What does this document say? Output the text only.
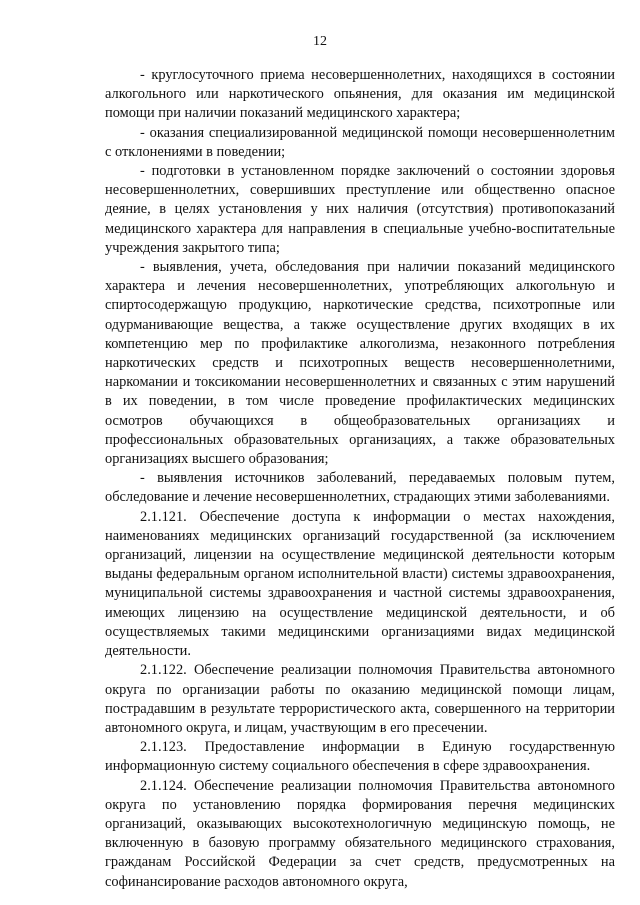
12

- круглосуточного приема несовершеннолетних, находящихся в состоянии алкогольного или наркотического опьянения, для оказания им медицинской помощи при наличии показаний медицинского характера;

- оказания специализированной медицинской помощи несовершеннолетним с отклонениями в поведении;

- подготовки в установленном порядке заключений о состоянии здоровья несовершеннолетних, совершивших преступление или общественно опасное деяние, в целях установления у них наличия (отсутствия) противопоказаний медицинского характера для направления в специальные учебно-воспитательные учреждения закрытого типа;

- выявления, учета, обследования при наличии показаний медицинского характера и лечения несовершеннолетних, употребляющих алкогольную и спиртосодержащую продукцию, наркотические средства, психотропные или одурманивающие вещества, а также осуществление других входящих в их компетенцию мер по профилактике алкоголизма, незаконного потребления наркотических средств и психотропных веществ несовершеннолетними, наркомании и токсикомании несовершеннолетних и связанных с этим нарушений в их поведении, в том числе проведение профилактических медицинских осмотров обучающихся в общеобразовательных организациях и профессиональных образовательных организациях, а также образовательных организациях высшего образования;

- выявления источников заболеваний, передаваемых половым путем, обследование и лечение несовершеннолетних, страдающих этими заболеваниями.

2.1.121. Обеспечение доступа к информации о местах нахождения, наименованиях медицинских организаций государственной (за исключением организаций, лицензии на осуществление медицинской деятельности которым выданы федеральным органом исполнительной власти) системы здравоохранения, муниципальной системы здравоохранения и частной системы здравоохранения, имеющих лицензию на осуществление медицинской деятельности, и об осуществляемых такими медицинскими организациями видах медицинской деятельности.

2.1.122. Обеспечение реализации полномочия Правительства автономного округа по организации работы по оказанию медицинской помощи лицам, пострадавшим в результате террористического акта, совершенного на территории автономного округа, и лицам, участвующим в его пресечении.

2.1.123. Предоставление информации в Единую государственную информационную систему социального обеспечения в сфере здравоохранения.

2.1.124. Обеспечение реализации полномочия Правительства автономного округа по установлению порядка формирования перечня медицинских организаций, оказывающих высокотехнологичную медицинскую помощь, не включенную в базовую программу обязательного медицинского страхования, гражданам Российской Федерации за счет средств, предусмотренных на софинансирование расходов автономного округа,
